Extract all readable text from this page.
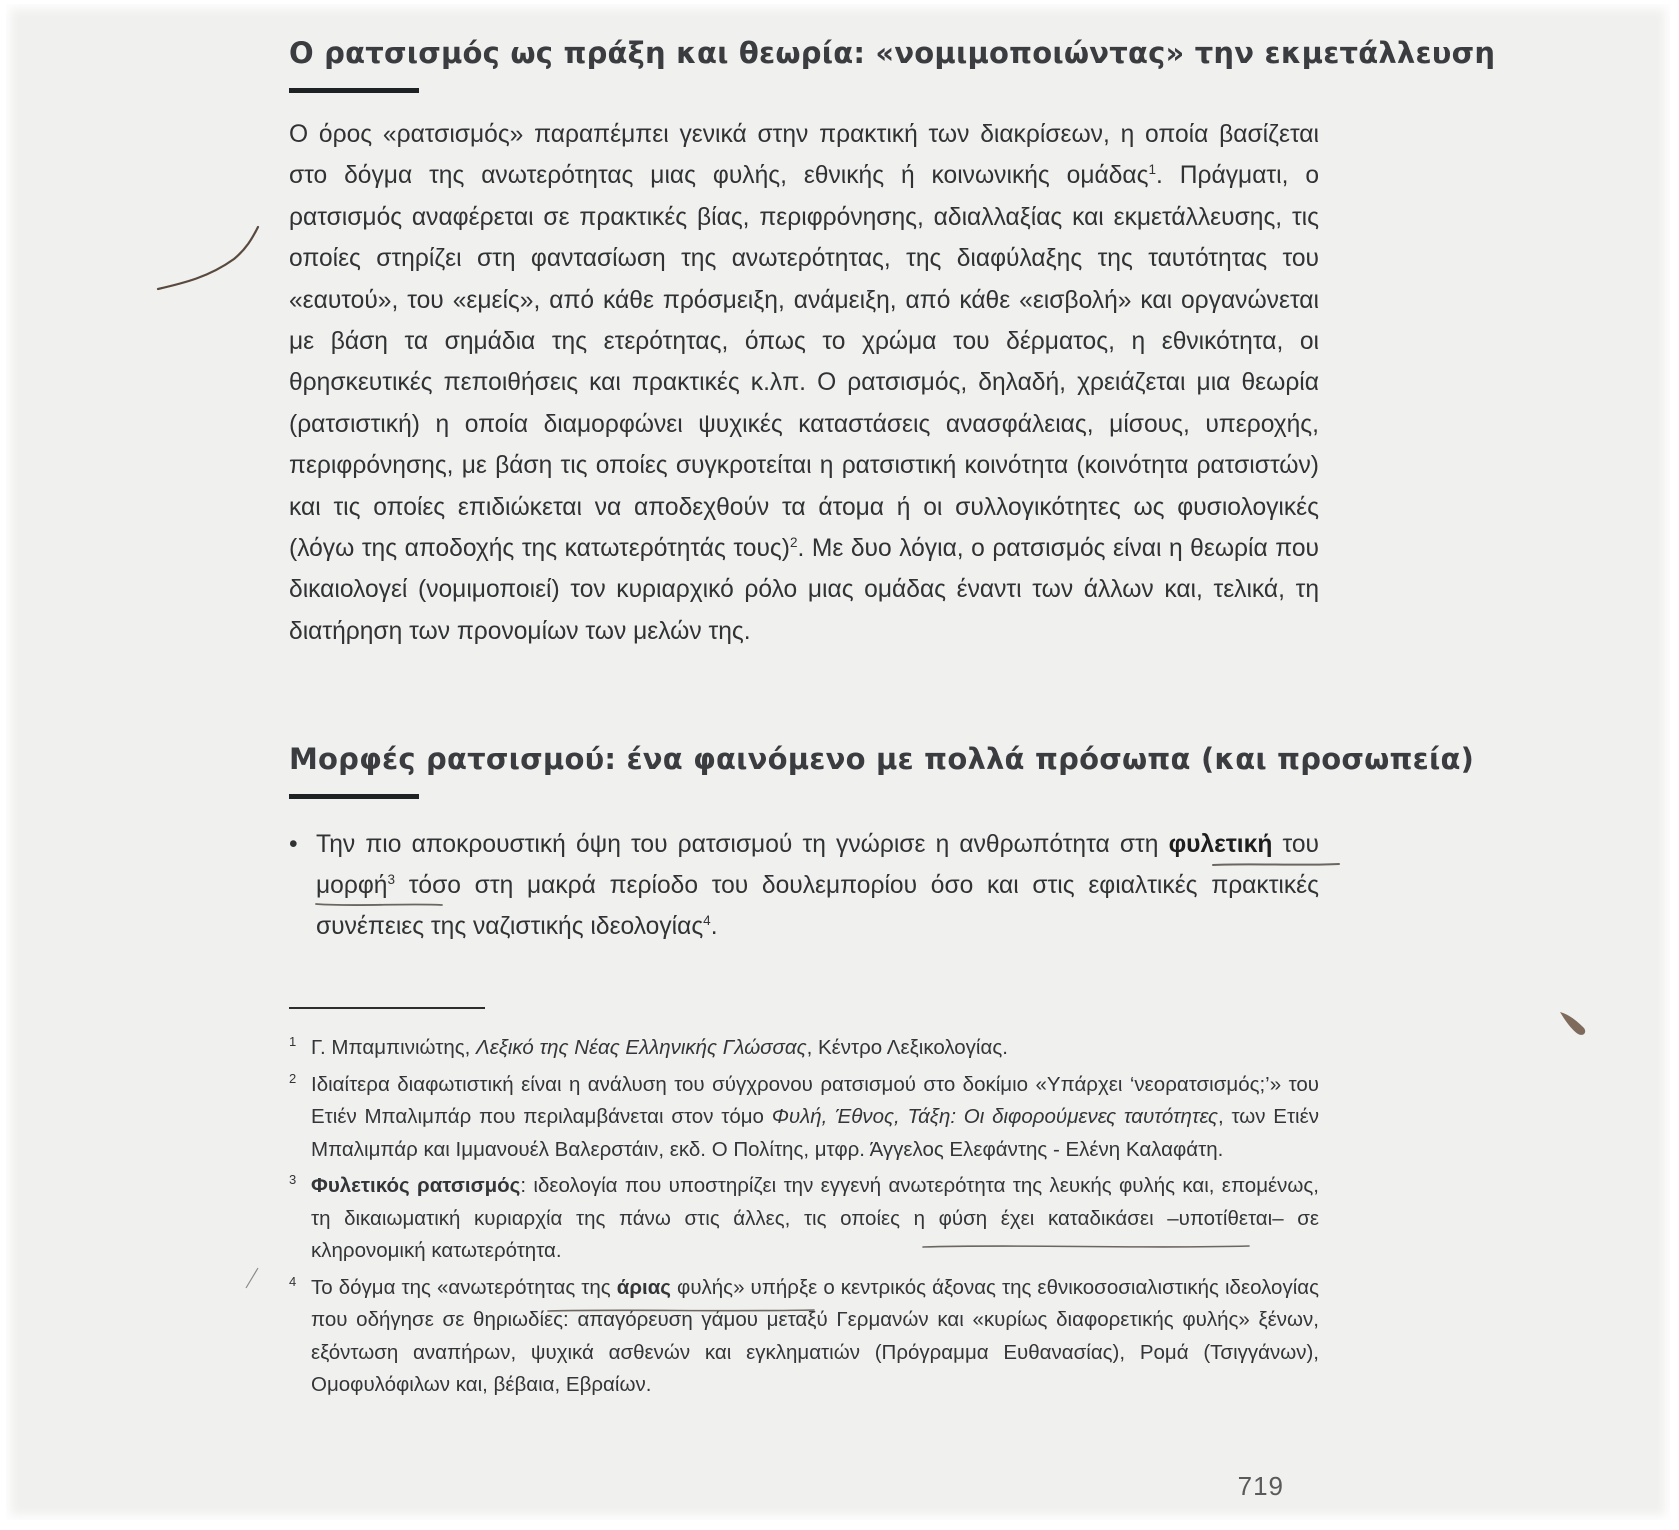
Ο ρατσισμός ως πράξη και θεωρία: «νομιμοποιώντας» την εκμετάλλευση

Ο όρος «ρατσισμός» παραπέμπει γενικά στην πρακτική των διακρίσεων, η οποία βασίζεται στο δόγμα της ανωτερότητας μιας φυλής, εθνικής ή κοινωνικής ομάδας$^1$. Πράγματι, ο ρατσισμός αναφέρεται σε πρακτικές βίας, περιφρόνησης, αδιαλλαξίας και εκμετάλλευσης, τις οποίες στηρίζει στη φαντασίωση της ανωτερότητας, της διαφύλαξης της ταυτότητας του «εαυτού», του «εμείς», από κάθε πρόσμειξη, ανάμειξη, από κάθε «εισβολή» και οργανώνεται με βάση τα σημάδια της ετερότητας, όπως το χρώμα του δέρματος, η εθνικότητα, οι θρησκευτικές πεποιθήσεις και πρακτικές κ.λπ. Ο ρατσισμός, δηλαδή, χρειάζεται μια θεωρία (ρατσιστική) η οποία διαμορφώνει ψυχικές καταστάσεις ανασφάλειας, μίσους, υπεροχής, περιφρόνησης, με βάση τις οποίες συγκροτείται η ρατσιστική κοινότητα (κοινότητα ρατσιστών) και τις οποίες επιδιώκεται να αποδεχθούν τα άτομα ή οι συλλογικότητες ως φυσιολογικές (λόγω της αποδοχής της κατωτερότητάς τους)$^2$. Με δυο λόγια, ο ρατσισμός είναι η θεωρία που δικαιολογεί (νομιμοποιεί) τον κυριαρχικό ρόλο μιας ομάδας έναντι των άλλων και, τελικά, τη διατήρηση των προνομίων των μελών της.

Μορφές ρατσισμού: ένα φαινόμενο με πολλά πρόσωπα (και προσωπεία)
• Την πιο αποκρουστική όψη του ρατσισμού τη γνώρισε η ανθρωπότητα στη φυλετική του μορφή$^3$ τόσο στη μακρά περίοδο του δουλεμπορίου όσο και στις εφιαλτικές πρακτικές συνέπειες της ναζιστικής ιδεολογίας$^4$.
1 Γ. Μπαμπινιώτης, Λεξικό της Νέας Ελληνικής Γλώσσας, Κέντρο Λεξικολογίας.
2 Ιδιαίτερα διαφωτιστική είναι η ανάλυση του σύγχρονου ρατσισμού στο δοκίμιο «Υπάρχει ‘νεορατσισμός;’» του Ετιέν Μπαλιμπάρ που περιλαμβάνεται στον τόμο Φυλή, Έθνος, Τάξη: Οι διφορούμενες ταυτότητες, των Ετιέν Μπαλιμπάρ και Ιμμανουέλ Βαλερστάιν, εκδ. Ο Πολίτης, μτφρ. Άγγελος Ελεφάντης - Ελένη Καλαφάτη.
3 Φυλετικός ρατσισμός: ιδεολογία που υποστηρίζει την εγγενή ανωτερότητα της λευκής φυλής και, επομένως, τη δικαιωματική κυριαρχία της πάνω στις άλλες, τις οποίες η φύση έχει καταδικάσει –υποτίθεται– σε κληρονομική κατωτερότητα.
4 Το δόγμα της «ανωτερότητας της άριας φυλής» υπήρξε ο κεντρικός άξονας της εθνικοσοσιαλιστικής ιδεολογίας που οδήγησε σε θηριωδίες: απαγόρευση γάμου μεταξύ Γερμανών και «κυρίως διαφορετικής φυλής» ξένων, εξόντωση αναπήρων, ψυχικά ασθενών και εγκληματιών (Πρόγραμμα Ευθανασίας), Ρομά (Τσιγγάνων), Ομοφυλόφιλων και, βέβαια, Εβραίων.
719
